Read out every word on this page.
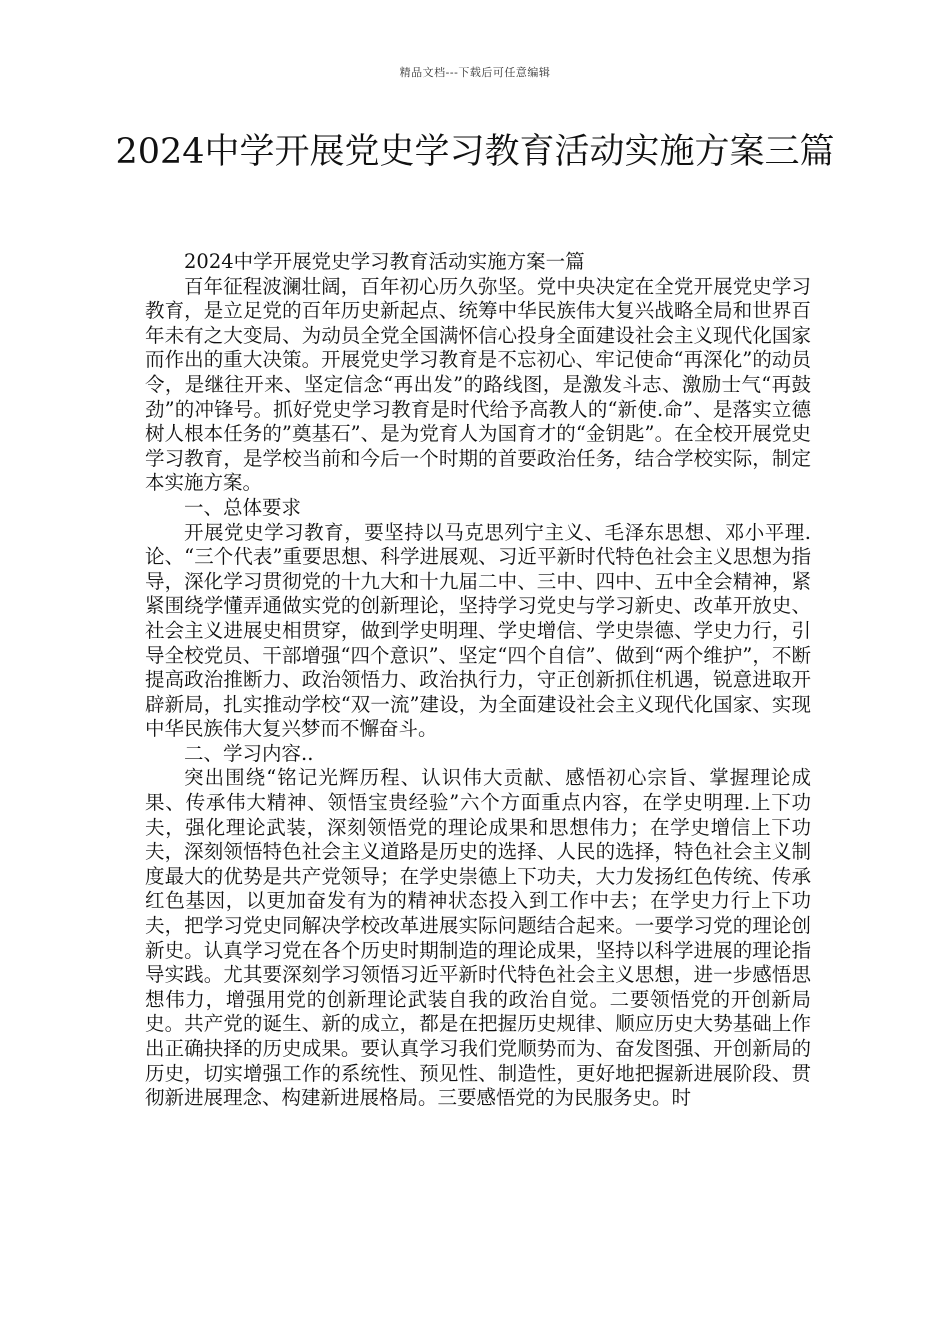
精品文档---下载后可任意编辑
2024中学开展党史学习教育活动实施方案三篇

2024中学开展党史学习教育活动实施方案一篇

百年征程波澜壮阔，百年初心历久弥坚。党中央决定在全党开展党史学习教育，是立足党的百年历史新起点、统筹中华民族伟大复兴战略全局和世界百年未有之大变局、为动员全党全国满怀信心投身全面建设社会主义现代化国家而作出的重大决策。开展党史学习教育是不忘初心、牢记使命“再深化”的动员令，是继往开来、坚定信念“再出发”的路线图，是激发斗志、激励士气“再鼓劲”的冲锋号。抓好党史学习教育是时代给予高教人的“新使.命”、是落实立德树人根本任务的”奠基石”、是为党育人为国育才的“金钥匙”。在全校开展党史学习教育，是学校当前和今后一个时期的首要政治任务，结合学校实际，制定本实施方案。

一、总体要求

开展党史学习教育，要坚持以马克思列宁主义、毛泽东思想、邓小平理.论、“三个代表”重要思想、科学进展观、习近平新时代特色社会主义思想为指导，深化学习贯彻党的十九大和十九届二中、三中、四中、五中全会精神，紧紧围绕学懂弄通做实党的创新理论，坚持学习党史与学习新史、改革开放史、社会主义进展史相贯穿，做到学史明理、学史增信、学史崇德、学史力行，引导全校党员、干部增强“四个意识”、坚定“四个自信”、做到“两个维护”，不断提高政治推断力、政治领悟力、政治执行力，守正创新抓住机遇，锐意进取开辟新局，扎实推动学校“双一流”建设，为全面建设社会主义现代化国家、实现中华民族伟大复兴梦而不懈奋斗。

二、学习内容..

突出围绕“铭记光辉历程、认识伟大贡献、感悟初心宗旨、掌握理论成果、传承伟大精神、领悟宝贵经验”六个方面重点内容，在学史明理.上下功夫，强化理论武装，深刻领悟党的理论成果和思想伟力；在学史增信上下功夫，深刻领悟特色社会主义道路是历史的选择、人民的选择，特色社会主义制度最大的优势是共产党领导；在学史崇德上下功夫，大力发扬红色传统、传承红色基因，以更加奋发有为的精神状态投入到工作中去；在学史力行上下功夫，把学习党史同解决学校改革进展实际问题结合起来。一要学习党的理论创新史。认真学习党在各个历史时期制造的理论成果，坚持以科学进展的理论指导实践。尤其要深刻学习领悟习近平新时代特色社会主义思想，进一步感悟思想伟力，增强用党的创新理论武装自我的政治自觉。二要领悟党的开创新局史。共产党的诞生、新的成立，都是在把握历史规律、顺应历史大势基础上作出正确抉择的历史成果。要认真学习我们党顺势而为、奋发图强、开创新局的历史，切实增强工作的系统性、预见性、制造性，更好地把握新进展阶段、贯彻新进展理念、构建新进展格局。三要感悟党的为民服务史。时
